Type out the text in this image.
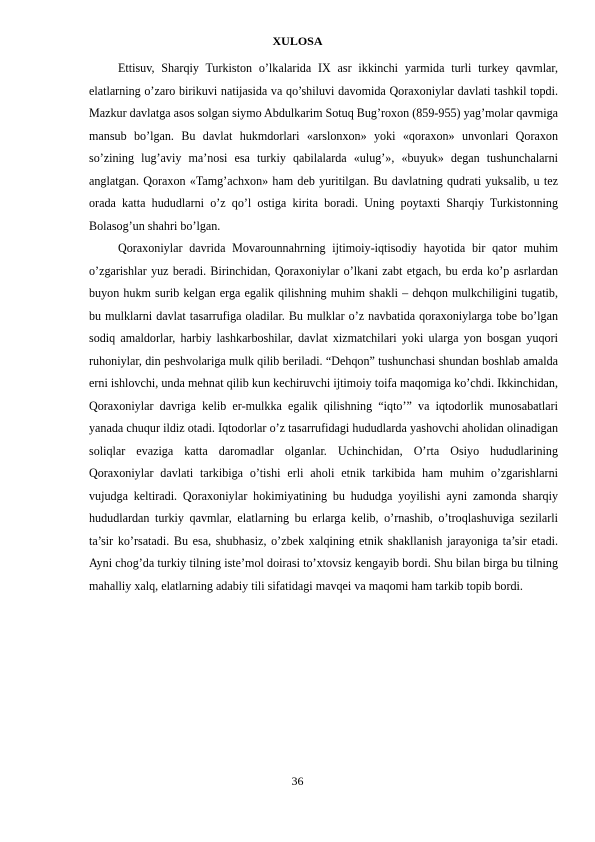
XULOSA

Ettisuv, Sharqiy Turkiston o’lkalarida IX asr ikkinchi yarmida turli turkey qavmlar, elatlarning o’zaro birikuvi natijasida va qo’shiluvi davomida Qoraxoniylar davlati tashkil topdi. Mazkur davlatga asos solgan siymo Abdulkarim Sotuq Bug’roxon (859-955) yag’molar qavmiga mansub bo’lgan. Bu davlat hukmdorlari «arslonxon» yoki «qoraxon» unvonlari Qoraxon so’zining lug’aviy ma’nosi esa turkiy qabilalarda «ulug’», «buyuk» degan tushunchalarni anglatgan. Qoraxon «Tamg’achxon» ham deb yuritilgan. Bu davlatning qudrati yuksalib, u tez orada katta hududlarni o’z qo’l ostiga kirita boradi. Uning poytaxti Sharqiy Turkistonning Bolasog’un shahri bo’lgan.

Qoraxoniylar davrida Movarounnahrning ijtimoiy-iqtisodiy hayotida bir qator muhim o’zgarishlar yuz beradi. Birinchidan, Qoraxoniylar o’lkani zabt etgach, bu erda ko’p asrlardan buyon hukm surib kelgan erga egalik qilishning muhim shakli – dehqon mulkchiligini tugatib, bu mulklarni davlat tasarrufiga oladilar. Bu mulklar o’z navbatida qoraxoniylarga tobe bo’lgan sodiq amaldorlar, harbiy lashkarboshilar, davlat xizmatchilari yoki ularga yon bosgan yuqori ruhoniylar, din peshvolariga mulk qilib beriladi. “Dehqon” tushunchasi shundan boshlab amalda erni ishlovchi, unda mehnat qilib kun kechiruvchi ijtimoiy toifa maqomiga ko’chdi. Ikkinchidan, Qoraxoniylar davriga kelib er-mulkka egalik qilishning “iqto’” va iqtodorlik munosabatlari yanada chuqur ildiz otadi. Iqtodorlar o’z tasarrufidagi hududlarda yashovchi aholidan olinadigan soliqlar evaziga katta daromadlar olganlar. Uchinchidan, O’rta Osiyo hududlarining Qoraxoniylar davlati tarkibiga o’tishi erli aholi etnik tarkibida ham muhim o’zgarishlarni vujudga keltiradi. Qoraxoniylar hokimiyatining bu hududga yoyilishi ayni zamonda sharqiy hududlardan turkiy qavmlar, elatlarning bu erlarga kelib, o’rnashib, o’troqlashuviga sezilarli ta’sir ko’rsatadi. Bu esa, shubhasiz, o’zbek xalqining etnik shakllanish jarayoniga ta’sir etadi. Ayni chog’da turkiy tilning iste’mol doirasi to’xtovsiz kengayib bordi. Shu bilan birga bu tilning mahalliy xalq, elatlarning adabiy tili sifatidagi mavqei va maqomi ham tarkib topib bordi.

36
